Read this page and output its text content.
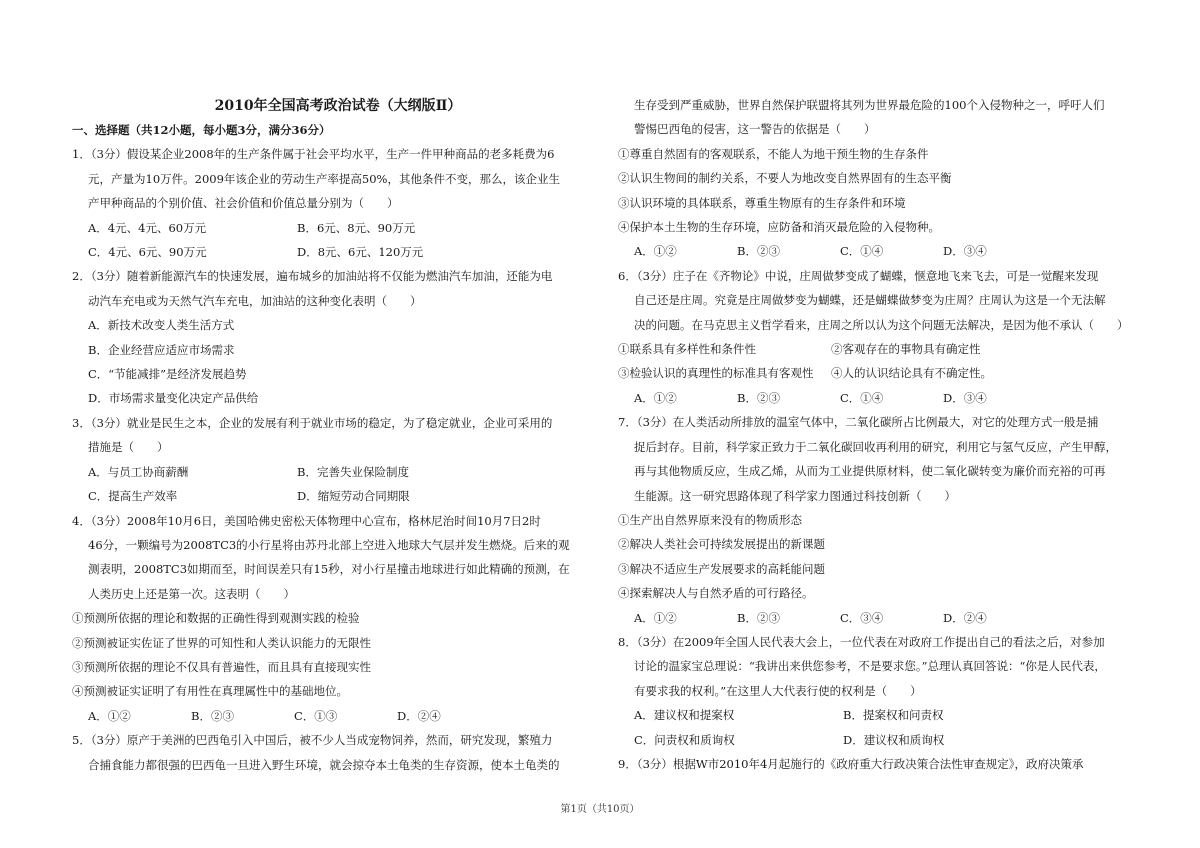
2010年全国高考政治试卷（大纲版Ⅱ）
一、选择题（共12小题，每小题3分，满分36分）
1．（3分）假设某企业2008年的生产条件属于社会平均水平，生产一件甲种商品的老多耗费为6
元，产量为10万件。2009年该企业的劳动生产率提高50%，其他条件不变，那么，该企业生
产甲种商品的个别价值、社会价值和价值总量分别为（　　）
A．4元、4元、60万元	B．6元、8元、90万元
C．4元、6元、90万元	D．8元、6元、120万元
2．（3分）随着新能源汽车的快速发展，遍布城乡的加油站将不仅能为燃油汽车加油，还能为电
动汽车充电或为天然气汽车充电，加油站的这种变化表明（　　）
A．新技术改变人类生活方式
B．企业经营应适应市场需求
C．“节能减排”是经济发展趋势
D．市场需求量变化决定产品供给
3．（3分）就业是民生之本，企业的发展有利于就业市场的稳定，为了稳定就业，企业可采用的
措施是（　　）
A．与员工协商薪酬	B．完善失业保险制度
C．提高生产效率	D．缩短劳动合同期限
4．（3分）2008年10月6日，美国哈佛史密松天体物理中心宣布，格林尼治时间10月7日2时
46分，一颗编号为2008TC3的小行星将由苏丹北部上空进入地球大气层并发生燃烧。后来的观
测表明，2008TC3如期而至，时间误差只有15秒，对小行星撞击地球进行如此精确的预测，在
人类历史上还是第一次。这表明（　　）
①预测所依据的理论和数据的正确性得到观测实践的检验
②预测被证实佐证了世界的可知性和人类认识能力的无限性
③预测所依据的理论不仅具有普遍性，而且具有直接现实性
④预测被证实证明了有用性在真理属性中的基础地位。
A．①②	B．②③	C．①③	D．②④
5．（3分）原产于美洲的巴西龟引入中国后，被不少人当成宠物饲养，然而，研究发现，繁殖力
合捕食能力都很强的巴西龟一旦进入野生环境，就会掠夺本土龟类的生存资源，使本土龟类的
生存受到严重威胁，世界自然保护联盟将其列为世界最危险的100个入侵物种之一，呼吁人们
警惕巴西龟的侵害，这一警告的依据是（　　）
①尊重自然固有的客观联系，不能人为地干预生物的生存条件
②认识生物间的制约关系，不要人为地改变自然界固有的生态平衡
③认识环境的具体联系，尊重生物原有的生存条件和环境
④保护本土生物的生存环境，应防备和消灭最危险的入侵物种。
A．①②	B．②③	C．①④	D．③④
6．（3分）庄子在《齐物论》中说，庄周做梦变成了蝴蝶，惬意地飞来飞去，可是一觉醒来发现
自己还是庄周。究竟是庄周做梦变为蝴蝶，还是蝴蝶做梦变为庄周？庄周认为这是一个无法解
决的问题。在马克思主义哲学看来，庄周之所以认为这个问题无法解决，是因为他不承认（　　）
①联系具有多样性和条件性	②客观存在的事物具有确定性
③检验认识的真理性的标准具有客观性	④人的认识结论具有不确定性。
A．①②	B．②③	C．①④	D．③④
7．（3分）在人类活动所排放的温室气体中，二氧化碳所占比例最大，对它的处理方式一般是捕
捉后封存。目前，科学家正致力于二氧化碳回收再利用的研究，利用它与氢气反应，产生甲醇，
再与其他物质反应，生成乙烯，从而为工业提供原材料，使二氧化碳转变为廉价而充裕的可再
生能源。这一研究思路体现了科学家力图通过科技创新（　　）
①生产出自然界原来没有的物质形态
②解决人类社会可持续发展提出的新课题
③解决不适应生产发展要求的高耗能问题
④探索解决人与自然矛盾的可行路径。
A．①②	B．②③	C．③④	D．②④
8．（3分）在2009年全国人民代表大会上，一位代表在对政府工作提出自己的看法之后，对参加
讨论的温家宝总理说：“我讲出来供您参考，不是要求您。”总理认真回答说：“你是人民代表，
有要求我的权利。”在这里人大代表行使的权利是（　　）
A．建议权和提案权	B．提案权和问责权
C．问责权和质询权	D．建议权和质询权
9．（3分）根据W市2010年4月起施行的《政府重大行政决策合法性审查规定》，政府决策承
第1页（共10页）
